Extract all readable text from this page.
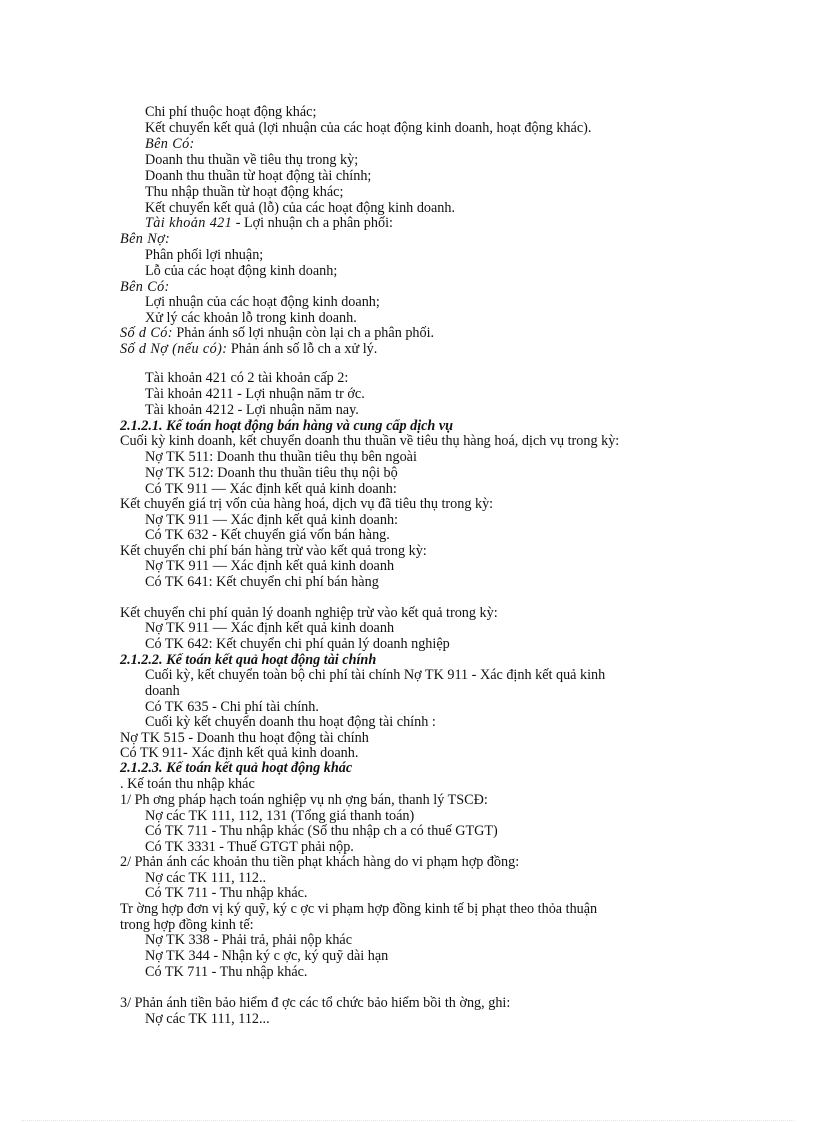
Chi phí thuộc hoạt động khác;
Kết chuyển kết quả (lợi nhuận của các hoạt động kinh doanh, hoạt động khác).
Bên Có:
Doanh thu thuần về tiêu thụ trong kỳ;
Doanh thu thuần từ hoạt động tài chính;
Thu nhập thuần từ hoạt động khác;
Kết chuyển kết quả (lỗ) của các hoạt động kinh doanh.
Tài khoản 421 - Lợi nhuận ch a phân phối:
Bên Nợ:
Phân phối lợi nhuận;
Lỗ của các hoạt động kinh doanh;
Bên Có:
Lợi nhuận của các hoạt động kinh doanh;
Xử lý các khoản lỗ trong kinh doanh.
Số d Có: Phản ánh số lợi nhuận còn lại ch a phân phối.
Số d Nợ (nếu có): Phản ánh số lỗ ch a xử lý.
Tài khoản 421 có 2 tài khoản cấp 2:
Tài khoản 4211 - Lợi nhuận năm tr ớc.
Tài khoản 4212 - Lợi nhuận năm nay.
2.1.2.1. Kế toán hoạt động bán hàng và cung cấp dịch vụ
Cuối kỳ kinh doanh, kết chuyển doanh thu thuần về tiêu thụ hàng hoá, dịch vụ trong kỳ:
Nợ TK 511: Doanh thu thuần tiêu thụ bên ngoài
Nợ TK 512: Doanh thu thuần tiêu thụ nội bộ
Có TK 911 — Xác định kết quả kinh doanh:
Kết chuyển giá trị vốn của hàng hoá, dịch vụ đã tiêu thụ trong kỳ:
Nợ TK 911 — Xác định kết quả kinh doanh:
Có TK 632 - Kết chuyển giá vốn bán hàng.
Kết chuyển chi phí bán hàng trừ vào kết quả trong kỳ:
Nợ TK 911 — Xác định kết quả kinh doanh
Có TK 641: Kết chuyển chi phí bán hàng
Kết chuyển chi phí quản lý doanh nghiệp trừ vào kết quả trong kỳ:
Nợ TK 911 — Xác định kết quả kinh doanh
Có TK 642: Kết chuyển chi phí quản lý doanh nghiệp
2.1.2.2. Kế toán kết quả hoạt động tài chính
Cuối kỳ, kết chuyển toàn bộ chi phí tài chính Nợ TK 911 - Xác định kết quả kinh
doanh
Có TK 635 - Chi phí tài chính.
Cuối kỳ kết chuyển doanh thu hoạt động tài chính :
Nợ TK 515 - Doanh thu hoạt động tài chính
Có TK 911- Xác định kết quả kinh doanh.
2.1.2.3. Kế toán kết quả hoạt động khác
. Kế toán thu nhập khác
1/ Ph ơng pháp hạch toán nghiệp vụ nh ợng bán, thanh lý TSCĐ:
Nợ các TK 111, 112, 131 (Tổng giá thanh toán)
Có TK 711 - Thu nhập khác (Số thu nhập ch a có thuế GTGT)
Có TK 3331 - Thuế GTGT phải nộp.
2/ Phản ánh các khoản thu tiền phạt khách hàng do vi phạm hợp đồng:
Nợ các TK 111, 112..
Có TK 711 - Thu nhập khác.
Tr ờng hợp đơn vị ký quỹ, ký c ợc vi phạm hợp đồng kinh tế bị phạt theo thỏa thuận
trong hợp đồng kinh tế:
Nợ TK 338 - Phải trả, phải nộp khác
Nợ TK 344 - Nhận ký c ợc, ký quỹ dài hạn
Có TK 711 - Thu nhập khác.
3/ Phản ánh tiền bảo hiểm đ ợc các tổ chức bảo hiểm bồi th ờng, ghi:
Nợ các TK 111, 112...
